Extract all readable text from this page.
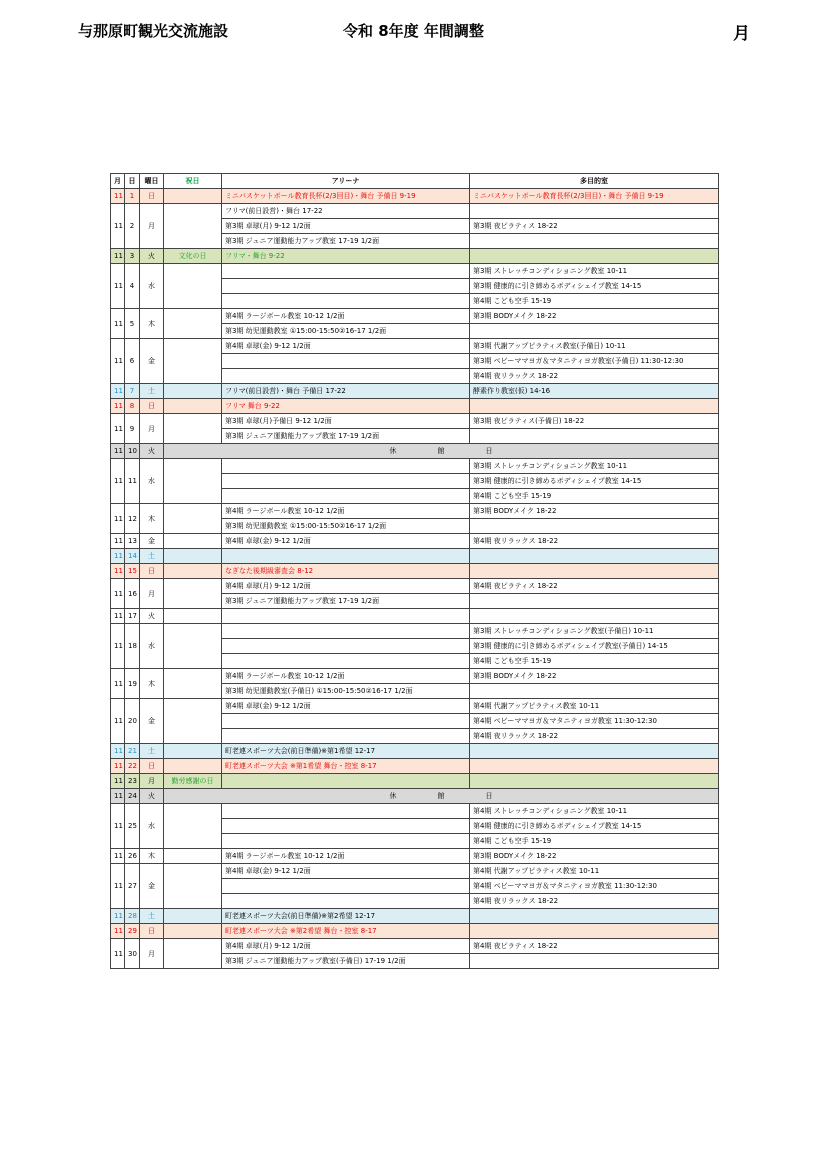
与那原町観光交流施設	令和 8年度 年間調整	月
月	日	曜日	祝日	アリーナ	多目的室
11	1	日		ミニバスケットボール教育長杯(2/3回目)・舞台 予備日 9-19	ミニバスケットボール教育長杯(2/3回目)・舞台 予備日 9-19
11	2	月		フリマ(前日設営)・舞台 17-22	
				第3期 卓球(月) 9-12 1/2面	第3期 夜ピラティス 18-22
				第3期 ジュニア運動能力アップ教室 17-19 1/2面	
11	3	火	文化の日	フリマ・舞台 9-22	
11	4	水			第3期 ストレッチコンディショニング教室 10-11
					第3期 健康的に引き締めるボディシェイプ教室 14-15
					第4期 こども空手 15-19
11	5	木		第4期 ラージボール教室 10-12 1/2面	第3期 BODYメイク 18-22
				第3期 幼児運動教室 ①15:00-15:50②16-17 1/2面	
11	6	金		第4期 卓球(金) 9-12 1/2面	第3期 代謝アップピラティス教室(予備日) 10-11
					第3期 ベビーママヨガ＆マタニティヨガ教室(予備日) 11:30-12:30
					第4期 夜リラックス 18-22
11	7	土		フリマ(前日設営)・舞台 予備日 17-22	酵素作り教室(仮) 14-16
11	8	日		フリマ 舞台 9-22	
11	9	月		第3期 卓球(月)予備日 9-12 1/2面	第3期 夜ピラティス(予備日) 18-22
				第3期 ジュニア運動能力アップ教室 17-19 1/2面	
11	10	火	休 館 日		
11	11	水			第3期 ストレッチコンディショニング教室 10-11
					第3期 健康的に引き締めるボディシェイプ教室 14-15
					第4期 こども空手 15-19
11	12	木		第4期 ラージボール教室 10-12 1/2面	第3期 BODYメイク 18-22
				第3期 幼児運動教室 ①15:00-15:50②16-17 1/2面	
11	13	金		第4期 卓球(金) 9-12 1/2面	第4期 夜リラックス 18-22
11	14	土			
11	15	日		なぎなた後期級審査会 8-12	
11	16	月		第4期 卓球(月) 9-12 1/2面	第4期 夜ピラティス 18-22
				第3期 ジュニア運動能力アップ教室 17-19 1/2面	
11	17	火			
11	18	水			第3期 ストレッチコンディショニング教室(予備日) 10-11
					第3期 健康的に引き締めるボディシェイプ教室(予備日) 14-15
					第4期 こども空手 15-19
11	19	木		第4期 ラージボール教室 10-12 1/2面	第3期 BODYメイク 18-22
				第3期 幼児運動教室(予備日) ①15:00-15:50②16-17 1/2面	
11	20	金		第4期 卓球(金) 9-12 1/2面	第4期 代謝アップピラティス教室 10-11
					第4期 ベビーママヨガ＆マタニティヨガ教室 11:30-12:30
					第4期 夜リラックス 18-22
11	21	土		町老連スポーツ大会(前日準備)※第1希望 12-17	
11	22	日		町老連スポーツ大会 ※第1希望 舞台・控室 8-17	
11	23	月	勤労感謝の日		
11	24	火	休 館 日		
11	25	水			第4期 ストレッチコンディショニング教室 10-11
					第4期 健康的に引き締めるボディシェイプ教室 14-15
					第4期 こども空手 15-19
11	26	木		第4期 ラージボール教室 10-12 1/2面	第3期 BODYメイク 18-22
11	27	金		第4期 卓球(金) 9-12 1/2面	第4期 代謝アップピラティス教室 10-11
					第4期 ベビーママヨガ＆マタニティヨガ教室 11:30-12:30
					第4期 夜リラックス 18-22
11	28	土		町老連スポーツ大会(前日準備)※第2希望 12-17	
11	29	日		町老連スポーツ大会 ※第2希望 舞台・控室 8-17	
11	30	月		第4期 卓球(月) 9-12 1/2面	第4期 夜ピラティス 18-22
				第3期 ジュニア運動能力アップ教室(予備日) 17-19 1/2面	
